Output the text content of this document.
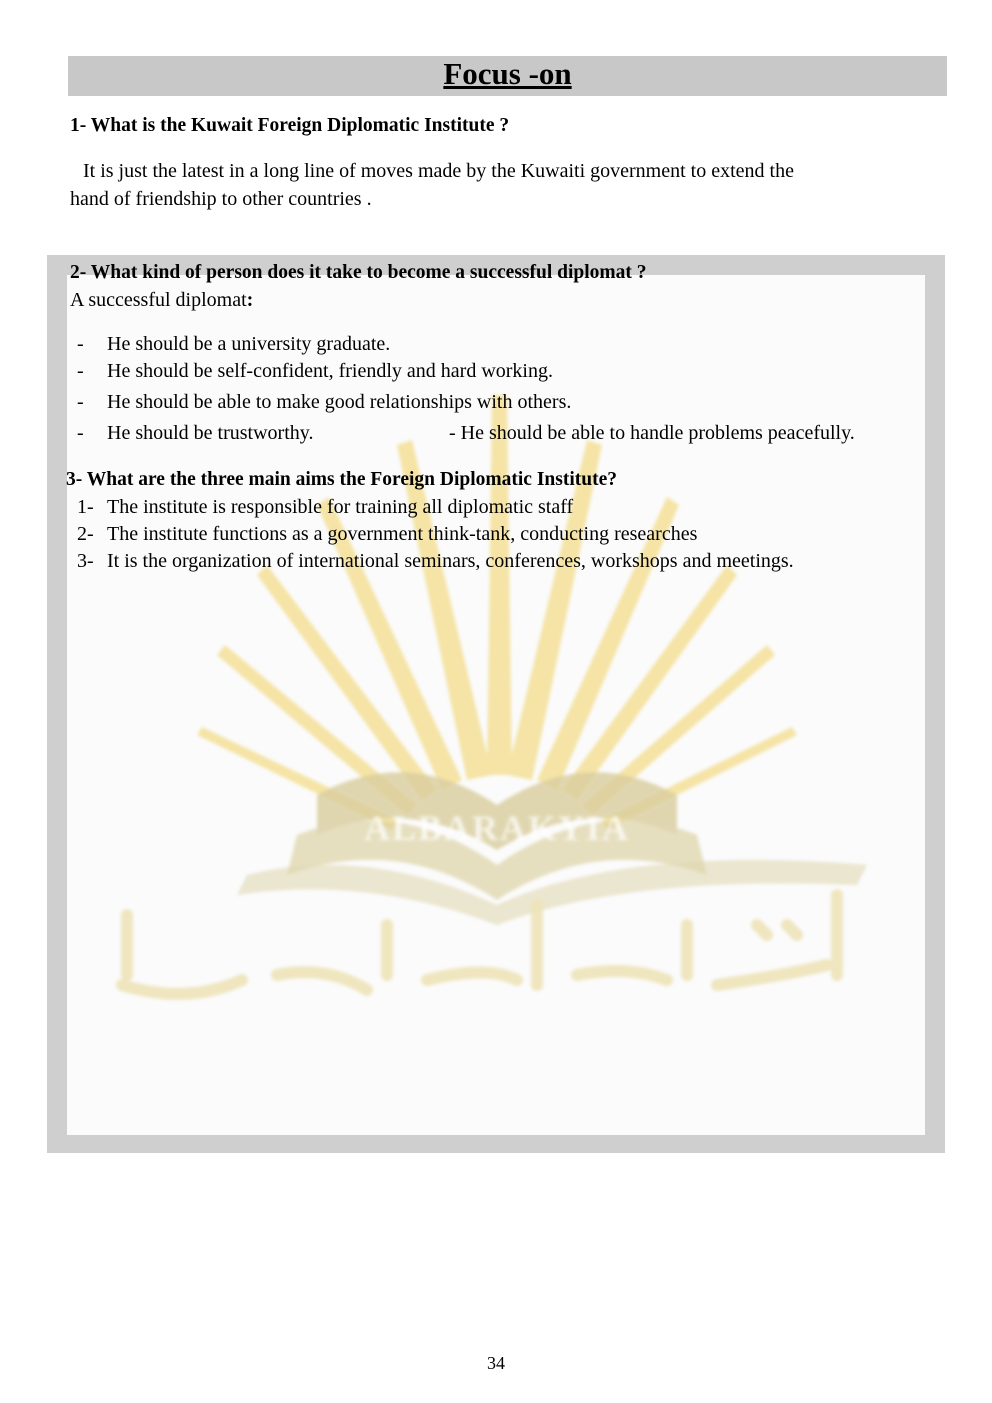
Focus -on
1- What is the Kuwait Foreign Diplomatic Institute ?
It is just the latest in a long line of moves made by the Kuwaiti government to extend the
hand of friendship to other countries .
ALBARAKYIA
2- What kind of person does it take to become a successful diplomat ?
A successful diplomat:
- He should be a university graduate.
- He should be self-confident, friendly and hard working.
- He should be able to make good relationships with others.
- He should be trustworthy.	- He should be able to handle problems peacefully.
3- What are the three main aims the Foreign Diplomatic Institute?
1- The institute is responsible for training all diplomatic staff
2- The institute functions as a government think-tank, conducting researches
3- It is the organization of international seminars, conferences, workshops and meetings.
34
